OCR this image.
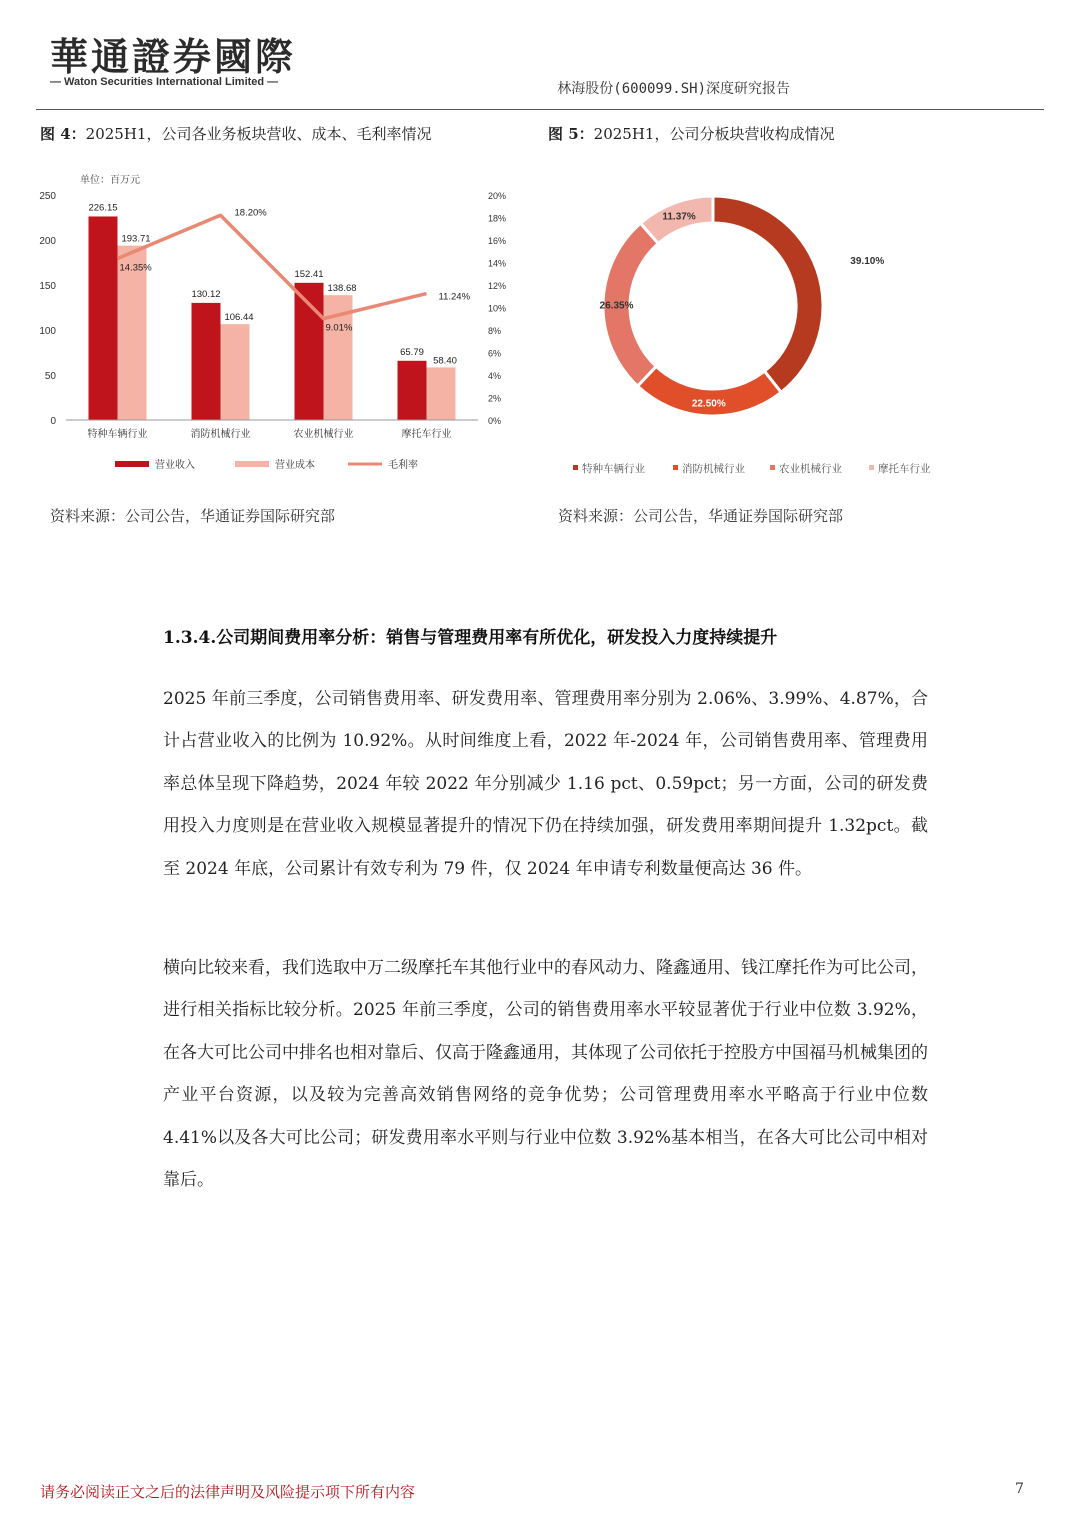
華通證券國際
— Waton Securities International Limited —	林海股份(600099.SH)深度研究报告
图 4：2025H1，公司各业务板块营收、成本、毛利率情况	图 5：2025H1，公司分板块营收构成情况
单位：百万元
226.15
193.71
130.12
106.44
152.41
138.68
65.79
58.40
14.35%
18.20%
9.01%
11.24%
0
50
100
150
200
250
0%
2%
4%
6%
8%
10%
12%
14%
16%
18%
20%
特种车辆行业	消防机械行业	农业机械行业	摩托车行业
营业收入	营业成本	毛利率
39.10%
22.50%
26.35%
11.37%
特种车辆行业	消防机械行业	农业机械行业	摩托车行业
资料来源：公司公告，华通证券国际研究部	资料来源：公司公告，华通证券国际研究部
1.3.4.公司期间费用率分析：销售与管理费用率有所优化，研发投入力度持续提升

2025 年前三季度，公司销售费用率、研发费用率、管理费用率分别为 2.06%、3.99%、4.87%，合计占营业收入的比例为 10.92%。从时间维度上看，2022 年-2024 年，公司销售费用率、管理费用率总体呈现下降趋势，2024 年较 2022 年分别减少 1.16 pct、0.59pct；另一方面，公司的研发费用投入力度则是在营业收入规模显著提升的情况下仍在持续加强，研发费用率期间提升 1.32pct。截至 2024 年底，公司累计有效专利为 79 件，仅 2024 年申请专利数量便高达 36 件。

横向比较来看，我们选取中万二级摩托车其他行业中的春风动力、隆鑫通用、钱江摩托作为可比公司，进行相关指标比较分析。2025 年前三季度，公司的销售费用率水平较显著优于行业中位数 3.92%，在各大可比公司中排名也相对靠后、仅高于隆鑫通用，其体现了公司依托于控股方中国福马机械集团的产业平台资源，以及较为完善高效销售网络的竞争优势；公司管理费用率水平略高于行业中位数 4.41%以及各大可比公司；研发费用率水平则与行业中位数 3.92%基本相当，在各大可比公司中相对靠后。

请务必阅读正文之后的法律声明及风险提示项下所有内容	7
